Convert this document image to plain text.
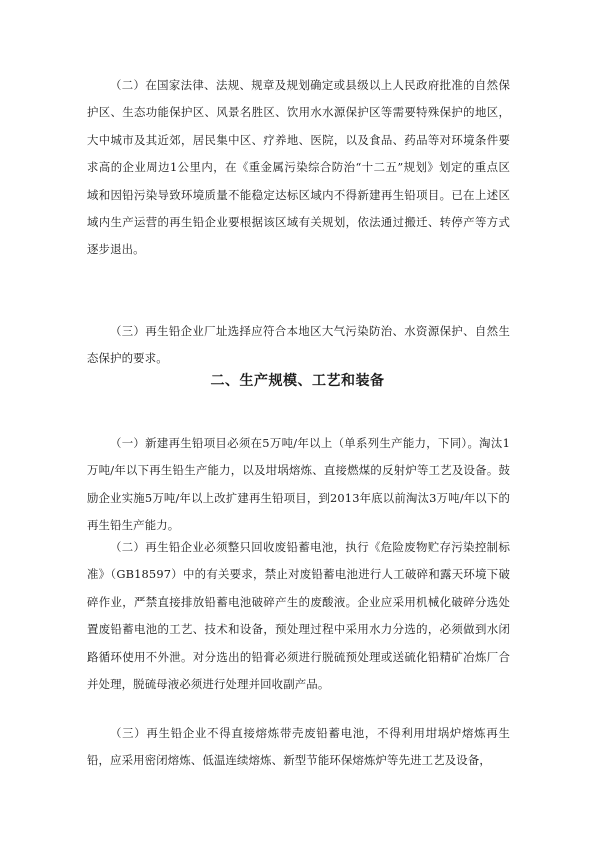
（二）在国家法律、法规、规章及规划确定或县级以上人民政府批准的自然保护区、生态功能保护区、风景名胜区、饮用水水源保护区等需要特殊保护的地区，大中城市及其近郊，居民集中区、疗养地、医院，以及食品、药品等对环境条件要求高的企业周边1公里内，在《重金属污染综合防治“十二五”规划》划定的重点区域和因铅污染导致环境质量不能稳定达标区域内不得新建再生铅项目。已在上述区域内生产运营的再生铅企业要根据该区域有关规划，依法通过搬迁、转停产等方式逐步退出。

（三）再生铅企业厂址选择应符合本地区大气污染防治、水资源保护、自然生态保护的要求。

二、生产规模、工艺和装备

（一）新建再生铅项目必须在5万吨/年以上（单系列生产能力，下同）。淘汰1万吨/年以下再生铅生产能力，以及坩埚熔炼、直接燃煤的反射炉等工艺及设备。鼓励企业实施5万吨/年以上改扩建再生铅项目，到2013年底以前淘汰3万吨/年以下的再生铅生产能力。

（二）再生铅企业必须整只回收废铅蓄电池，执行《危险废物贮存污染控制标准》（GB18597）中的有关要求，禁止对废铅蓄电池进行人工破碎和露天环境下破碎作业，严禁直接排放铅蓄电池破碎产生的废酸液。企业应采用机械化破碎分选处置废铅蓄电池的工艺、技术和设备，预处理过程中采用水力分选的，必须做到水闭路循环使用不外泄。对分选出的铅膏必须进行脱硫预处理或送硫化铅精矿冶炼厂合并处理，脱硫母液必须进行处理并回收副产品。

（三）再生铅企业不得直接熔炼带壳废铅蓄电池，不得利用坩埚炉熔炼再生铅，应采用密闭熔炼、低温连续熔炼、新型节能环保熔炼炉等先进工艺及设备，
